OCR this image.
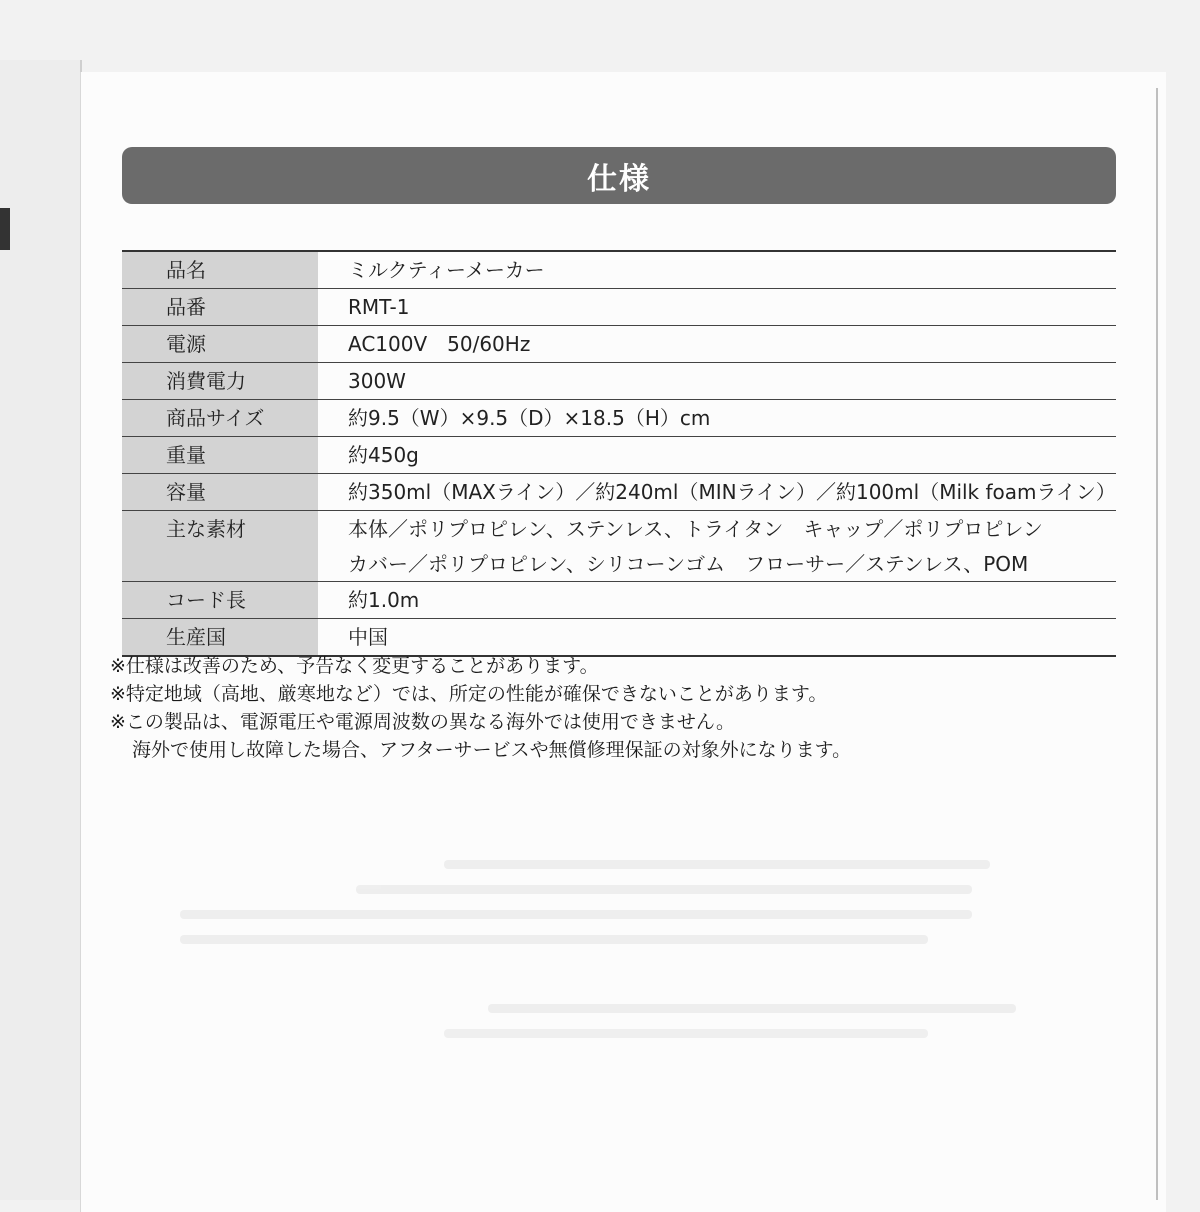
仕様
品名	ミルクティーメーカー

品番	RMT-1

電源	AC100V　50/60Hz

消費電力	300W

商品サイズ	約9.5（W）×9.5（D）×18.5（H）cm

重量	約450g

容量	約350ml（MAXライン）／約240ml（MINライン）／約100ml（Milk foamライン）

主な素材	本体／ポリプロピレン、ステンレス、トライタン　キャップ／ポリプロピレン
カバー／ポリプロピレン、シリコーンゴム　フローサー／ステンレス、POM

コード長	約1.0m

生産国	中国
※仕様は改善のため、予告なく変更することがあります。
※特定地域（高地、厳寒地など）では、所定の性能が確保できないことがあります。
※この製品は、電源電圧や電源周波数の異なる海外では使用できません。
海外で使用し故障した場合、アフターサービスや無償修理保証の対象外になります。
